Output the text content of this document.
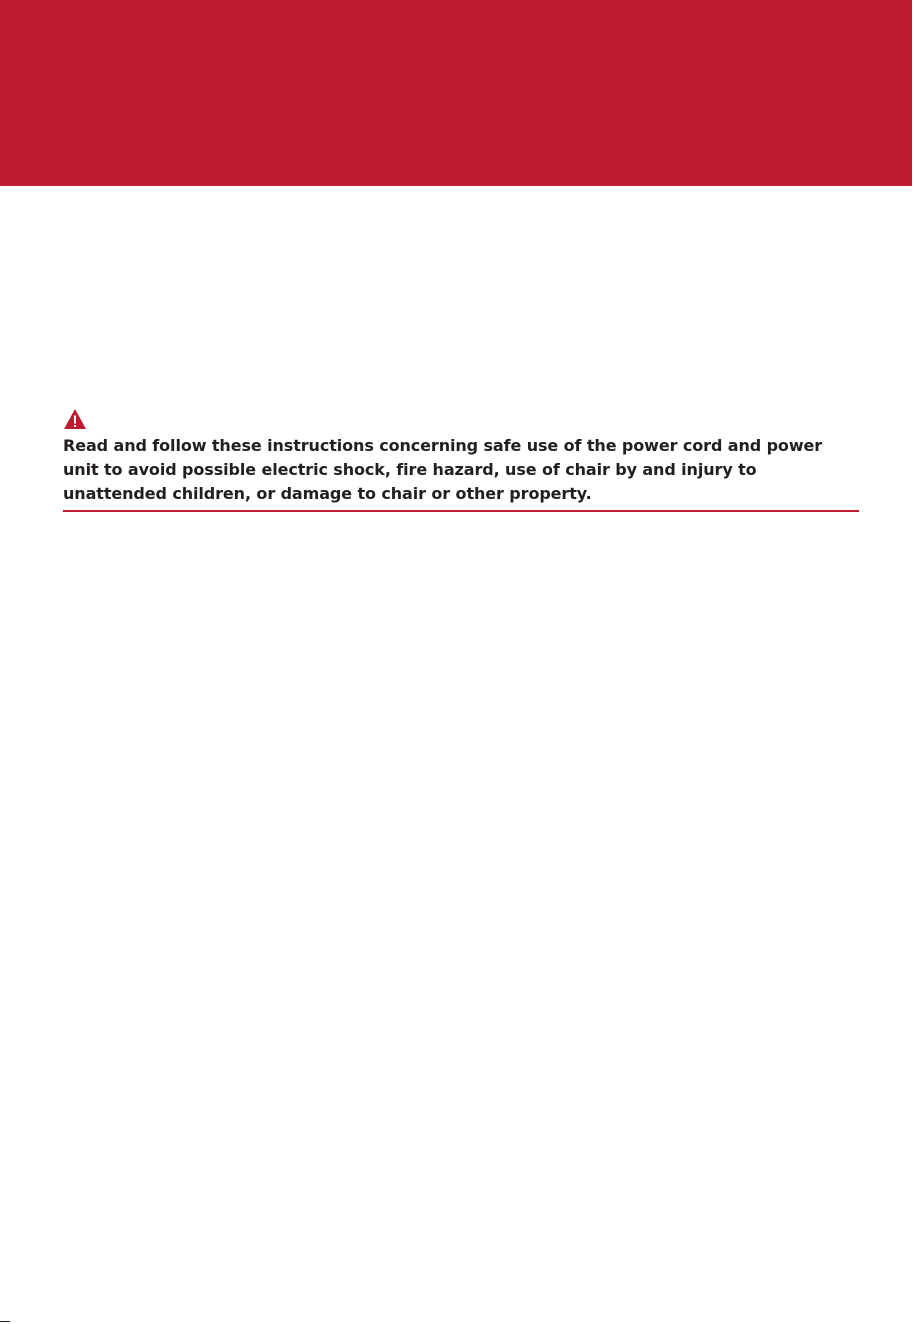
Read and follow these instructions concerning safe use of the power cord and power unit to avoid possible electric shock, fire hazard, use of chair by and injury to unattended children, or damage to chair or other property.
